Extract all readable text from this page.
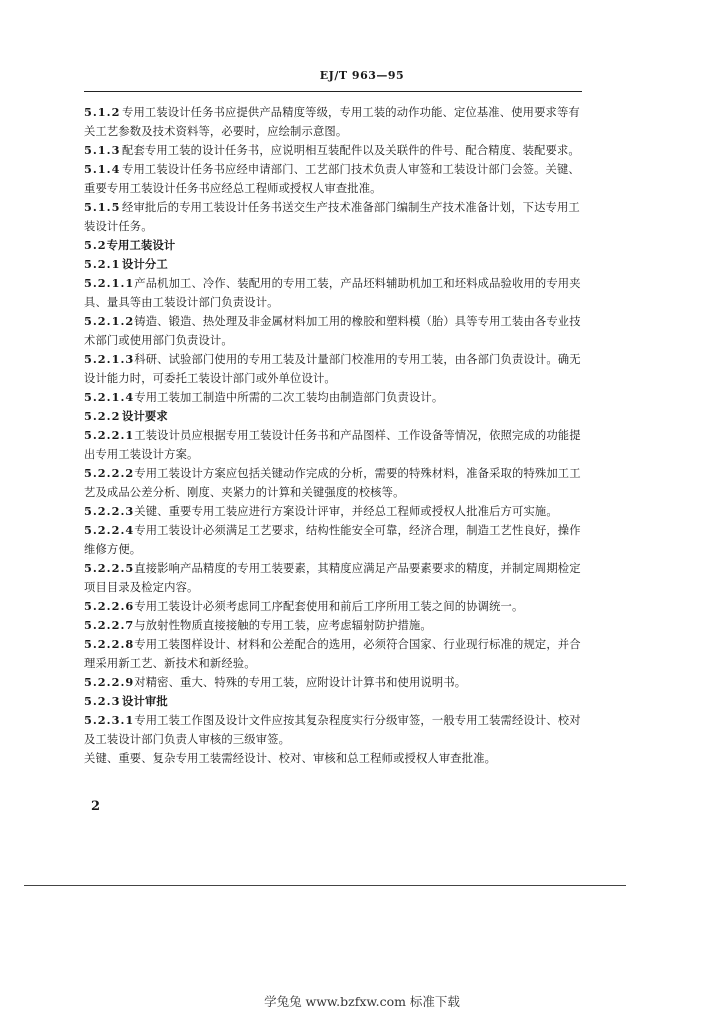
EJ/T 963—95

5.1.2 专用工装设计任务书应提供产品精度等级，专用工装的动作功能、定位基准、使用要求等有关工艺参数及技术资料等，必要时，应绘制示意图。

5.1.3 配套专用工装的设计任务书，应说明相互装配件以及关联件的件号、配合精度、装配要求。

5.1.4 专用工装设计任务书应经申请部门、工艺部门技术负责人审签和工装设计部门会签。关键、重要专用工装设计任务书应经总工程师或授权人审查批准。

5.1.5 经审批后的专用工装设计任务书送交生产技术准备部门编制生产技术准备计划，下达专用工装设计任务。

5.2专用工装设计

5.2.1 设计分工

5.2.1.1产品机加工、冷作、装配用的专用工装，产品坯料辅助机加工和坯料成品验收用的专用夹具、量具等由工装设计部门负责设计。

5.2.1.2铸造、锻造、热处理及非金属材料加工用的橡胶和塑料模（胎）具等专用工装由各专业技术部门或使用部门负责设计。

5.2.1.3科研、试验部门使用的专用工装及计量部门校准用的专用工装，由各部门负责设计。确无设计能力时，可委托工装设计部门或外单位设计。

5.2.1.4专用工装加工制造中所需的二次工装均由制造部门负责设计。

5.2.2 设计要求

5.2.2.1工装设计员应根据专用工装设计任务书和产品图样、工作设备等情况，依照完成的功能提出专用工装设计方案。

5.2.2.2专用工装设计方案应包括关键动作完成的分析，需要的特殊材料，准备采取的特殊加工工艺及成品公差分析、刚度、夹紧力的计算和关键强度的校核等。

5.2.2.3关键、重要专用工装应进行方案设计评审，并经总工程师或授权人批准后方可实施。

5.2.2.4专用工装设计必须满足工艺要求，结构性能安全可靠，经济合理，制造工艺性良好，操作维修方便。

5.2.2.5直接影响产品精度的专用工装要素，其精度应满足产品要素要求的精度，并制定周期检定项目目录及检定内容。

5.2.2.6专用工装设计必须考虑同工序配套使用和前后工序所用工装之间的协调统一。

5.2.2.7与放射性物质直接接触的专用工装，应考虑辐射防护措施。

5.2.2.8专用工装图样设计、材料和公差配合的选用，必须符合国家、行业现行标准的规定，并合理采用新工艺、新技术和新经验。

5.2.2.9对精密、重大、特殊的专用工装，应附设计计算书和使用说明书。

5.2.3 设计审批

5.2.3.1专用工装工作图及设计文件应按其复杂程度实行分级审签，一般专用工装需经设计、校对及工装设计部门负责人审核的三级审签。

关键、重要、复杂专用工装需经设计、校对、审核和总工程师或授权人审查批准。

2
学兔兔 www.bzfxw.com 标准下载
